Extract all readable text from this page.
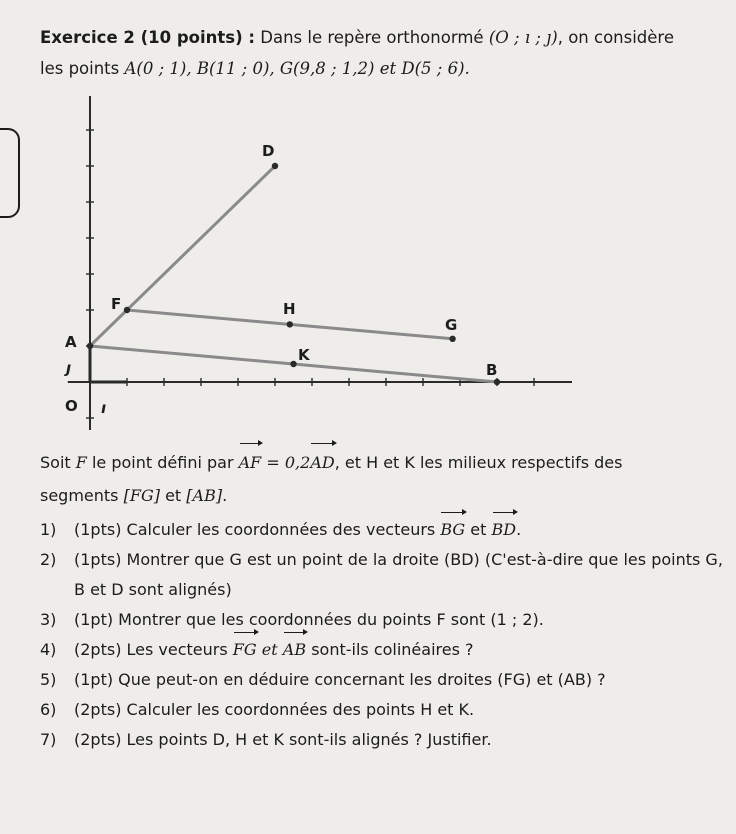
Exercice 2 (10 points) : Dans le repère orthonormé (O ; ı ; ȷ), on considère
les points A(0 ; 1), B(11 ; 0), G(9,8 ; 1,2) et D(5 ; 6).
D
F	H
G
A
K
B
O ı
ȷ
Soit F le point défini par AF = 0,2AD, et H et K les milieux respectifs des
segments [FG] et [AB].
1) (1pts) Calculer les coordonnées des vecteurs BG et BD.
2) (1pts) Montrer que G est un point de la droite (BD) (C'est-à-dire que les points G, B et D sont alignés)
3) (1pt) Montrer que les coordonnées du points F sont (1 ; 2).
4) (2pts) Les vecteurs FG et AB sont-ils colinéaires ?
5) (1pt) Que peut-on en déduire concernant les droites (FG) et (AB) ?
6) (2pts) Calculer les coordonnées des points H et K.
7) (2pts) Les points D, H et K sont-ils alignés ? Justifier.
